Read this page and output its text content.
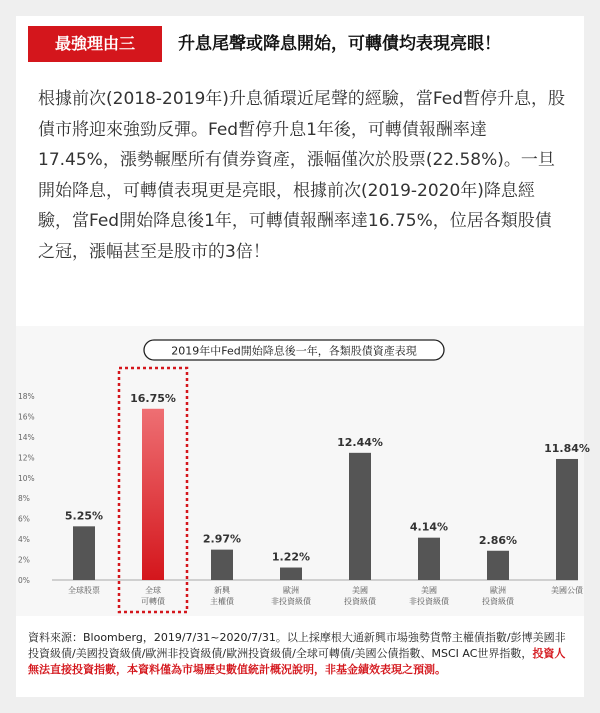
最強理由三	升息尾聲或降息開始，可轉債均表現亮眼！
根據前次(2018-2019年)升息循環近尾聲的經驗，當Fed暫停升息，股債市將迎來強勁反彈。Fed暫停升息1年後，可轉債報酬率達17.45%，漲勢輾壓所有債券資產，漲幅僅次於股票(22.58%)。一旦開始降息，可轉債表現更是亮眼，根據前次(2019-2020年)降息經驗，當Fed開始降息後1年，可轉債報酬率達16.75%，位居各類股債之冠，漲幅甚至是股市的3倍！
2019年中Fed開始降息後一年，各類股債資產表現
0%
2%
4%
6%
8%
10%
12%
14%
16%
18%
5.25%
16.75%
2.97%
1.22%
12.44%
4.14%
2.86%
11.84%
全球股票	全球
可轉債
新興
主權債
歐洲
非投資級債
美國
投資級債
美國
非投資級債
歐洲
投資級債
美國公債
資料來源：Bloomberg，2019/7/31~2020/7/31。以上採摩根大通新興市場強勢貨幣主權債指數/彭博美國非投資級債/美國投資級債/歐洲非投資級債/歐洲投資級債/全球可轉債/美國公債指數、MSCI AC世界指數，投資人無法直接投資指數，本資料僅為市場歷史數值統計概況說明，非基金績效表現之預測。
